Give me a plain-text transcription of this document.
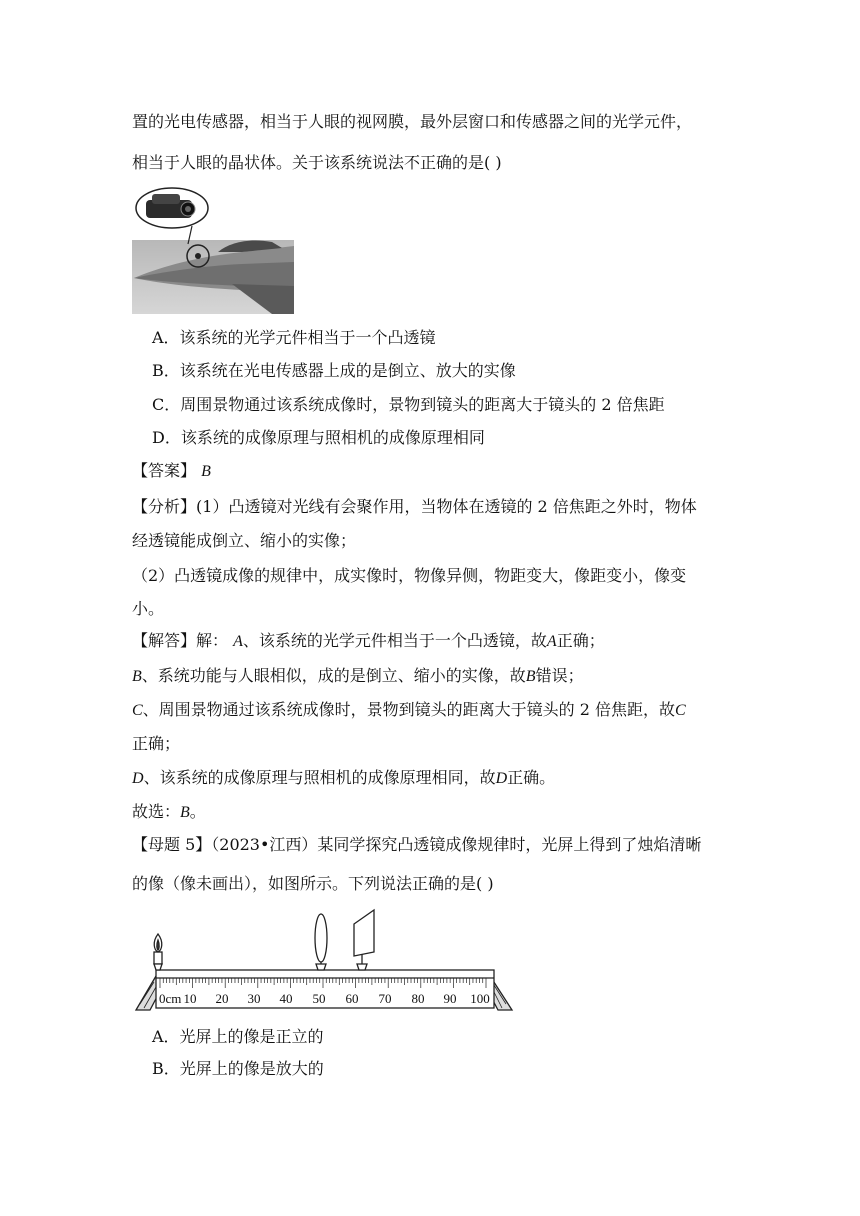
置的光电传感器，相当于人眼的视网膜，最外层窗口和传感器之间的光学元件，
相当于人眼的晶状体。关于该系统说法不正确的是( )
A．该系统的光学元件相当于一个凸透镜
B．该系统在光电传感器上成的是倒立、放大的实像
C．周围景物通过该系统成像时，景物到镜头的距离大于镜头的 2 倍焦距
D．该系统的成像原理与照相机的成像原理相同
【答案】 B
【分析】(1）凸透镜对光线有会聚作用，当物体在透镜的 2 倍焦距之外时，物体
经透镜能成倒立、缩小的实像；
（2）凸透镜成像的规律中，成实像时，物像异侧，物距变大，像距变小，像变
小。
【解答】解： A、该系统的光学元件相当于一个凸透镜，故A正确；
B、系统功能与人眼相似，成的是倒立、缩小的实像，故B错误；
C、周围景物通过该系统成像时，景物到镜头的距离大于镜头的 2 倍焦距，故C
正确；
D、该系统的成像原理与照相机的成像原理相同，故D正确。
故选：B。
【母题 5】（2023•江西）某同学探究凸透镜成像规律时，光屏上得到了烛焰清晰
的像（像未画出），如图所示。下列说法正确的是( )
0cm 10 20 30 40 50 60 70 80 90 100
A．光屏上的像是正立的
B．光屏上的像是放大的
